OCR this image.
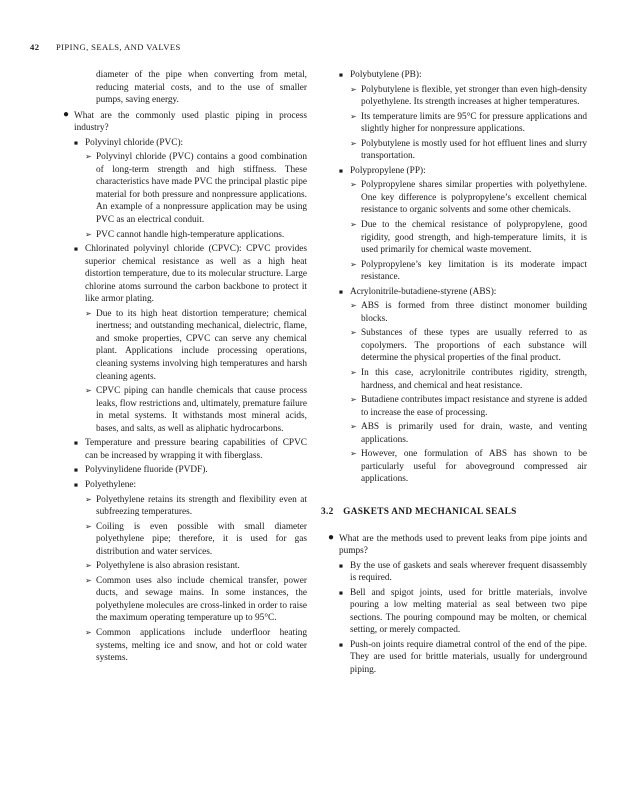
42 PIPING, SEALS, AND VALVES
diameter of the pipe when converting from metal, reducing material costs, and to the use of smaller pumps, saving energy.
● What are the commonly used plastic piping in process industry?
■ Polyvinyl chloride (PVC):
➢ Polyvinyl chloride (PVC) contains a good combination of long-term strength and high stiffness. These characteristics have made PVC the principal plastic pipe material for both pressure and nonpressure applications. An example of a nonpressure application may be using PVC as an electrical conduit.
➢ PVC cannot handle high-temperature applications.
■ Chlorinated polyvinyl chloride (CPVC): CPVC provides superior chemical resistance as well as a high heat distortion temperature, due to its molecular structure. Large chlorine atoms surround the carbon backbone to protect it like armor plating.
➢ Due to its high heat distortion temperature; chemical inertness; and outstanding mechanical, dielectric, flame, and smoke properties, CPVC can serve any chemical plant. Applications include processing operations, cleaning systems involving high temperatures and harsh cleaning agents.
➢ CPVC piping can handle chemicals that cause process leaks, flow restrictions and, ultimately, premature failure in metal systems. It withstands most mineral acids, bases, and salts, as well as aliphatic hydrocarbons.
■ Temperature and pressure bearing capabilities of CPVC can be increased by wrapping it with fiberglass.
■ Polyvinylidene fluoride (PVDF).
■ Polyethylene:
➢ Polyethylene retains its strength and flexibility even at subfreezing temperatures.
➢ Coiling is even possible with small diameter polyethylene pipe; therefore, it is used for gas distribution and water services.
➢ Polyethylene is also abrasion resistant.
➢ Common uses also include chemical transfer, power ducts, and sewage mains. In some instances, the polyethylene molecules are cross-linked in order to raise the maximum operating temperature up to 95°C.
➢ Common applications include underfloor heating systems, melting ice and snow, and hot or cold water systems.
■ Polybutylene (PB):
➢ Polybutylene is flexible, yet stronger than even high-density polyethylene. Its strength increases at higher temperatures.
➢ Its temperature limits are 95°C for pressure applications and slightly higher for nonpressure applications.
➢ Polybutylene is mostly used for hot effluent lines and slurry transportation.
■ Polypropylene (PP):
➢ Polypropylene shares similar properties with polyethylene. One key difference is polypropylene’s excellent chemical resistance to organic solvents and some other chemicals.
➢ Due to the chemical resistance of polypropylene, good rigidity, good strength, and high-temperature limits, it is used primarily for chemical waste movement.
➢ Polypropylene’s key limitation is its moderate impact resistance.
■ Acrylonitrile-butadiene-styrene (ABS):
➢ ABS is formed from three distinct monomer building blocks.
➢ Substances of these types are usually referred to as copolymers. The proportions of each substance will determine the physical properties of the final product.
➢ In this case, acrylonitrile contributes rigidity, strength, hardness, and chemical and heat resistance.
➢ Butadiene contributes impact resistance and styrene is added to increase the ease of processing.
➢ ABS is primarily used for drain, waste, and venting applications.
➢ However, one formulation of ABS has shown to be particularly useful for aboveground compressed air applications.
3.2 GASKETS AND MECHANICAL SEALS
● What are the methods used to prevent leaks from pipe joints and pumps?
■ By the use of gaskets and seals wherever frequent disassembly is required.
■ Bell and spigot joints, used for brittle materials, involve pouring a low melting material as seal between two pipe sections. The pouring compound may be molten, or chemical setting, or merely compacted.
■ Push-on joints require diametral control of the end of the pipe. They are used for brittle materials, usually for underground piping.
